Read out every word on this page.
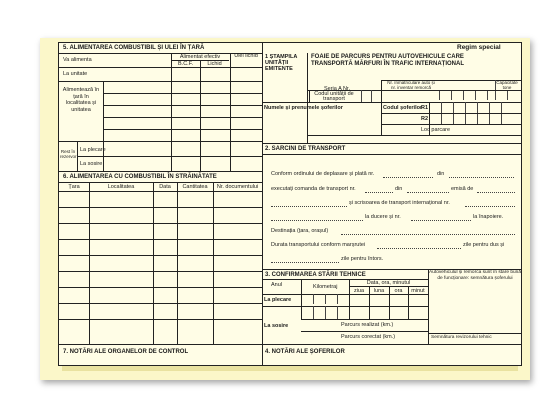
5. ALIMENTAREA COMBUSTIBIL ȘI ULEI ÎN ȚARĂ
Va alimenta	Alimentat efectiv	Ulei lichid
B.C.F.	Lichid
La unitate
Alimentează în țară în localitatea și unitatea
Rest în rezervor
La plecare
La sosire
6. ALIMENTAREA CU COMBUSTIBIL ÎN STRĂINĂTATE
Țara	Localitatea	Data	Cantitatea	Nr. documentului
7. NOTĂRI ALE ORGANELOR DE CONTROL
1 ȘTAMPILA UNITĂȚII EMITENTE
Regim special
FOAIE DE PARCURS PENTRU AUTOVEHICULE CARE
TRANSPORTĂ MĂRFURI ÎN TRAFIC INTERNAȚIONAL
Seria A Nr.
Nr. înmatriculare auto și nr. inventar remorcă
Capacitate tone
Codul unității de transport
Numele și prenumele șoferilor	Codul șoferilor
R1
R2
Loc parcare
2. SARCINI DE TRANSPORT
Conform ordinului de deplasare și plată nr.	din
executați comanda de transport nr.	din	emisă de
și scrisoarea de transport internațional nr.
la ducere și nr.	la înapoiere.
Destinația (țara, orașul)
Durata transportului conform marșrutei	zile pentru dus și
zile pentru întors.
3. CONFIRMAREA STĂRII TEHNICE	Autovehiculul și remorca sunt în stare bună de funcționare: semnătura șoferului
Anul	Kilometraj
Data, ora, minutul
ziua	luna	ora	minut
La plecare
La sosire	Parcurs realizat (km.)
Parcurs corectat (km.)	Semnătura revizorului tehnic
4. NOTĂRI ALE ȘOFERILOR
